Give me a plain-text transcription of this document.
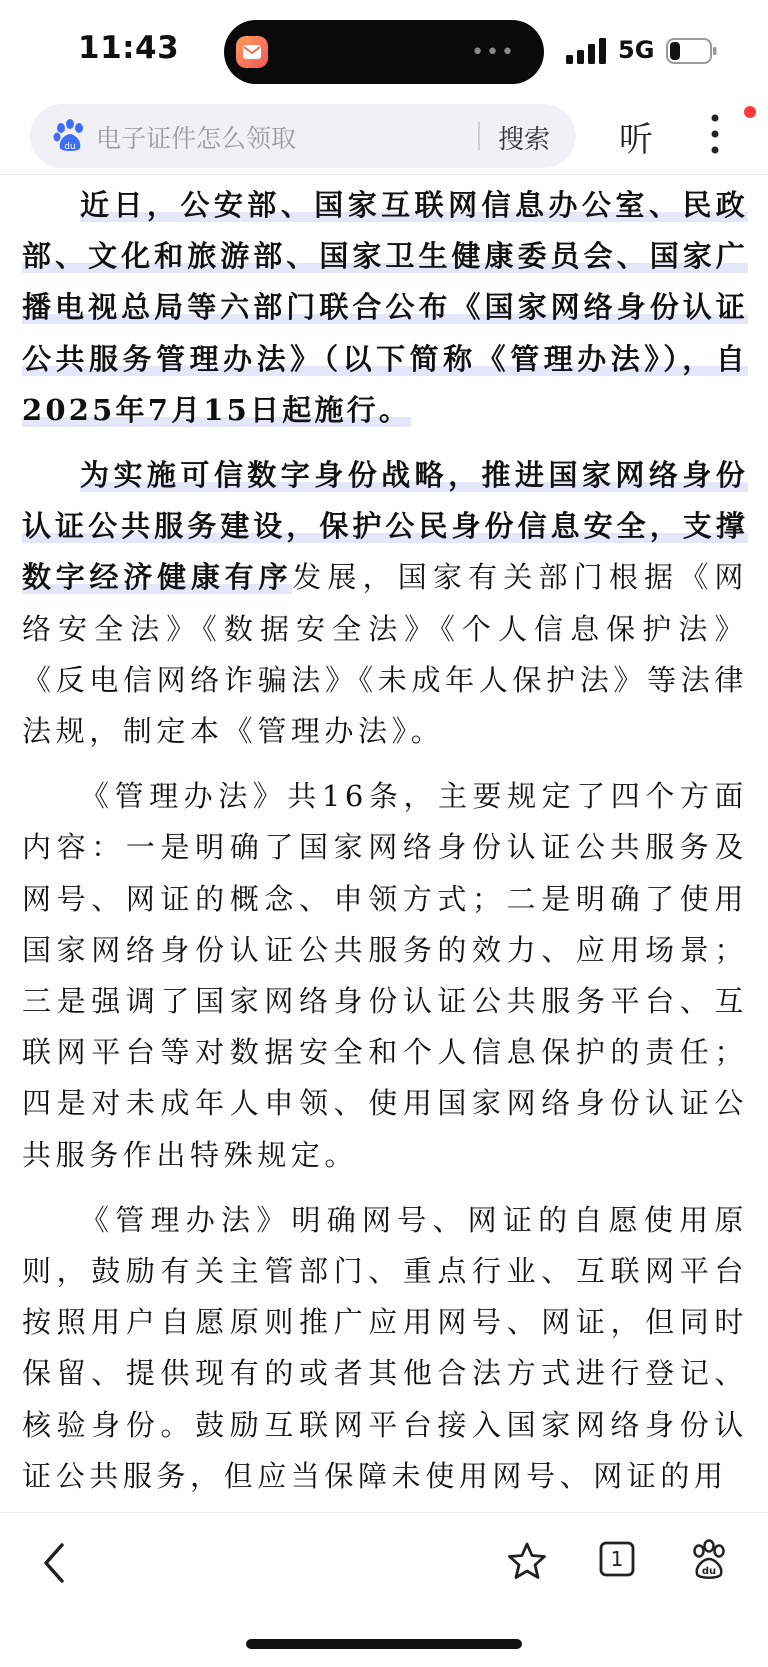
11:43	•••	5G
du 电子证件怎么领取	搜索 听

近日，公安部、国家互联网信息办公室、民政部、文化和旅游部、国家卫生健康委员会、国家广播电视总局等六部门联合公布《国家网络身份认证公共服务管理办法》（以下简称《管理办法》），自2025年7月15日起施行。

为实施可信数字身份战略，推进国家网络身份认证公共服务建设，保护公民身份信息安全，支撑数字经济健康有序发展，国家有关部门根据《网络安全法》《数据安全法》《个人信息保护法》《反电信网络诈骗法》《未成年人保护法》等法律法规，制定本《管理办法》。

《管理办法》共16条，主要规定了四个方面内容：一是明确了国家网络身份认证公共服务及网号、网证的概念、申领方式；二是明确了使用国家网络身份认证公共服务的效力、应用场景；三是强调了国家网络身份认证公共服务平台、互联网平台等对数据安全和个人信息保护的责任；四是对未成年人申领、使用国家网络身份认证公共服务作出特殊规定。

《管理办法》明确网号、网证的自愿使用原则，鼓励有关主管部门、重点行业、互联网平台按照用户自愿原则推广应用网号、网证，但同时保留、提供现有的或者其他合法方式进行登记、核验身份。鼓励互联网平台接入国家网络身份认证公共服务，但应当保障未使用网号、网证的用

1
du
